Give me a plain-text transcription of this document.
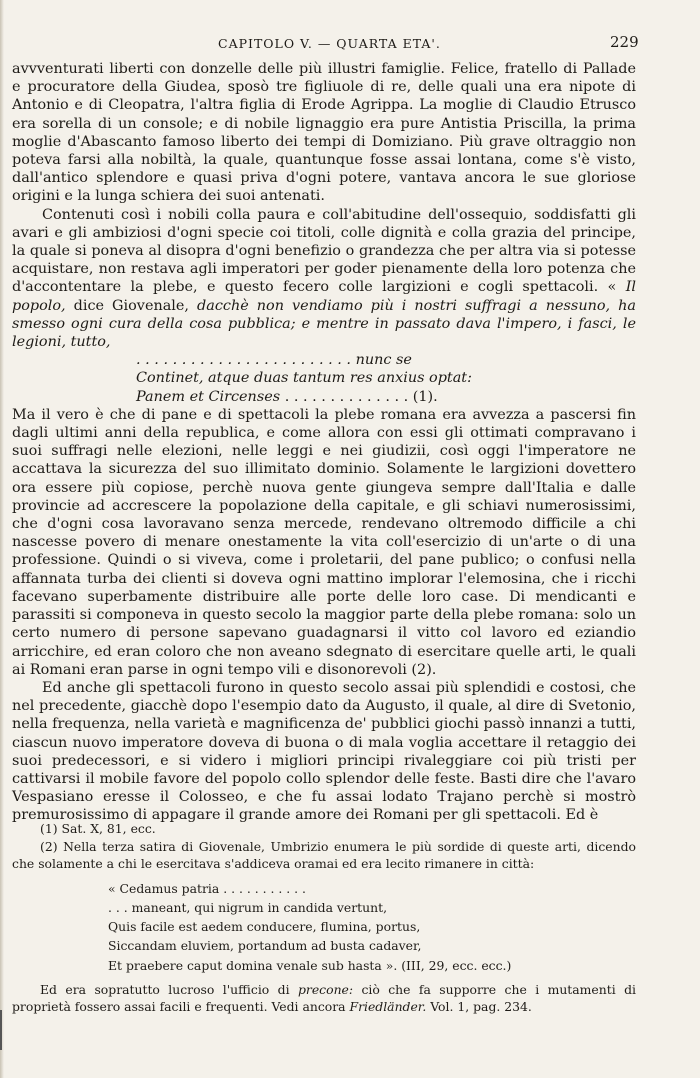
CAPITOLO V. — QUARTA ETA'.	229

avvventurati liberti con donzelle delle più illustri famiglie. Felice, fratello di Pallade e procuratore della Giudea, sposò tre figliuole di re, delle quali una era nipote di Antonio e di Cleopatra, l'altra figlia di Erode Agrippa. La moglie di Claudio Etrusco era sorella di un console; e di nobile lignaggio era pure Antistia Priscilla, la prima moglie d'Abascanto famoso liberto dei tempi di Domiziano. Più grave oltraggio non poteva farsi alla nobiltà, la quale, quantunque fosse assai lontana, come s'è visto, dall'antico splendore e quasi priva d'ogni potere, vantava ancora le sue gloriose origini e la lunga schiera dei suoi antenati.

Contenuti così i nobili colla paura e coll'abitudine dell'ossequio, soddisfatti gli avari e gli ambiziosi d'ogni specie coi titoli, colle dignità e colla grazia del principe, la quale si poneva al disopra d'ogni benefizio o grandezza che per altra via si potesse acquistare, non restava agli imperatori per goder pienamente della loro potenza che d'accontentare la plebe, e questo fecero colle largizioni e cogli spettacoli. « Il popolo, dice Giovenale, dacchè non vendiamo più i nostri suffragi a nessuno, ha smesso ogni cura della cosa pubblica; e mentre in passato dava l'impero, i fasci, le legioni, tutto,

. . . . . . . . . . . . . . . . . . . . . . . . nunc se
Continet, atque duas tantum res anxius optat:
Panem et Circenses . . . . . . . . . . . . . . (1).

Ma il vero è che di pane e di spettacoli la plebe romana era avvezza a pascersi fin dagli ultimi anni della republica, e come allora con essi gli ottimati compravano i suoi suffragi nelle elezioni, nelle leggi e nei giudizii, così oggi l'imperatore ne accattava la sicurezza del suo illimitato dominio. Solamente le largizioni dovettero ora essere più copiose, perchè nuova gente giungeva sempre dall'Italia e dalle provincie ad accrescere la popolazione della capitale, e gli schiavi numerosissimi, che d'ogni cosa lavoravano senza mercede, rendevano oltremodo difficile a chi nascesse povero di menare onestamente la vita coll'esercizio di un'arte o di una professione. Quindi o si viveva, come i proletarii, del pane publico; o confusi nella affannata turba dei clienti si doveva ogni mattino implorar l'elemosina, che i ricchi facevano superbamente distribuire alle porte delle loro case. Di mendicanti e parassiti si componeva in questo secolo la maggior parte della plebe romana: solo un certo numero di persone sapevano guadagnarsi il vitto col lavoro ed eziandio arricchire, ed eran coloro che non aveano sdegnato di esercitare quelle arti, le quali ai Romani eran parse in ogni tempo vili e disonorevoli (2).

Ed anche gli spettacoli furono in questo secolo assai più splendidi e costosi, che nel precedente, giacchè dopo l'esempio dato da Augusto, il quale, al dire di Svetonio, nella frequenza, nella varietà e magnificenza de' pubblici giochi passò innanzi a tutti, ciascun nuovo imperatore doveva di buona o di mala voglia accettare il retaggio dei suoi predecessori, e si videro i migliori principi rivaleggiare coi più tristi per cattivarsi il mobile favore del popolo collo splendor delle feste. Basti dire che l'avaro Vespasiano eresse il Colosseo, e che fu assai lodato Trajano perchè si mostrò premurosissimo di appagare il grande amore dei Romani per gli spettacoli. Ed è

(1) Sat. X, 81, ecc.

(2) Nella terza satira di Giovenale, Umbrizio enumera le più sordide di queste arti, dicendo che solamente a chi le esercitava s'addiceva oramai ed era lecito rimanere in città:

« Cedamus patria . . . . . . . . . . .
. . . maneant, qui nigrum in candida vertunt,
Quis facile est aedem conducere, flumina, portus,
Siccandam eluviem, portandum ad busta cadaver,
Et praebere caput domina venale sub hasta ». (III, 29, ecc. ecc.)

Ed era sopratutto lucroso l'ufficio di precone: ciò che fa supporre che i mutamenti di proprietà fossero assai facili e frequenti. Vedi ancora Friedländer. Vol. 1, pag. 234.
